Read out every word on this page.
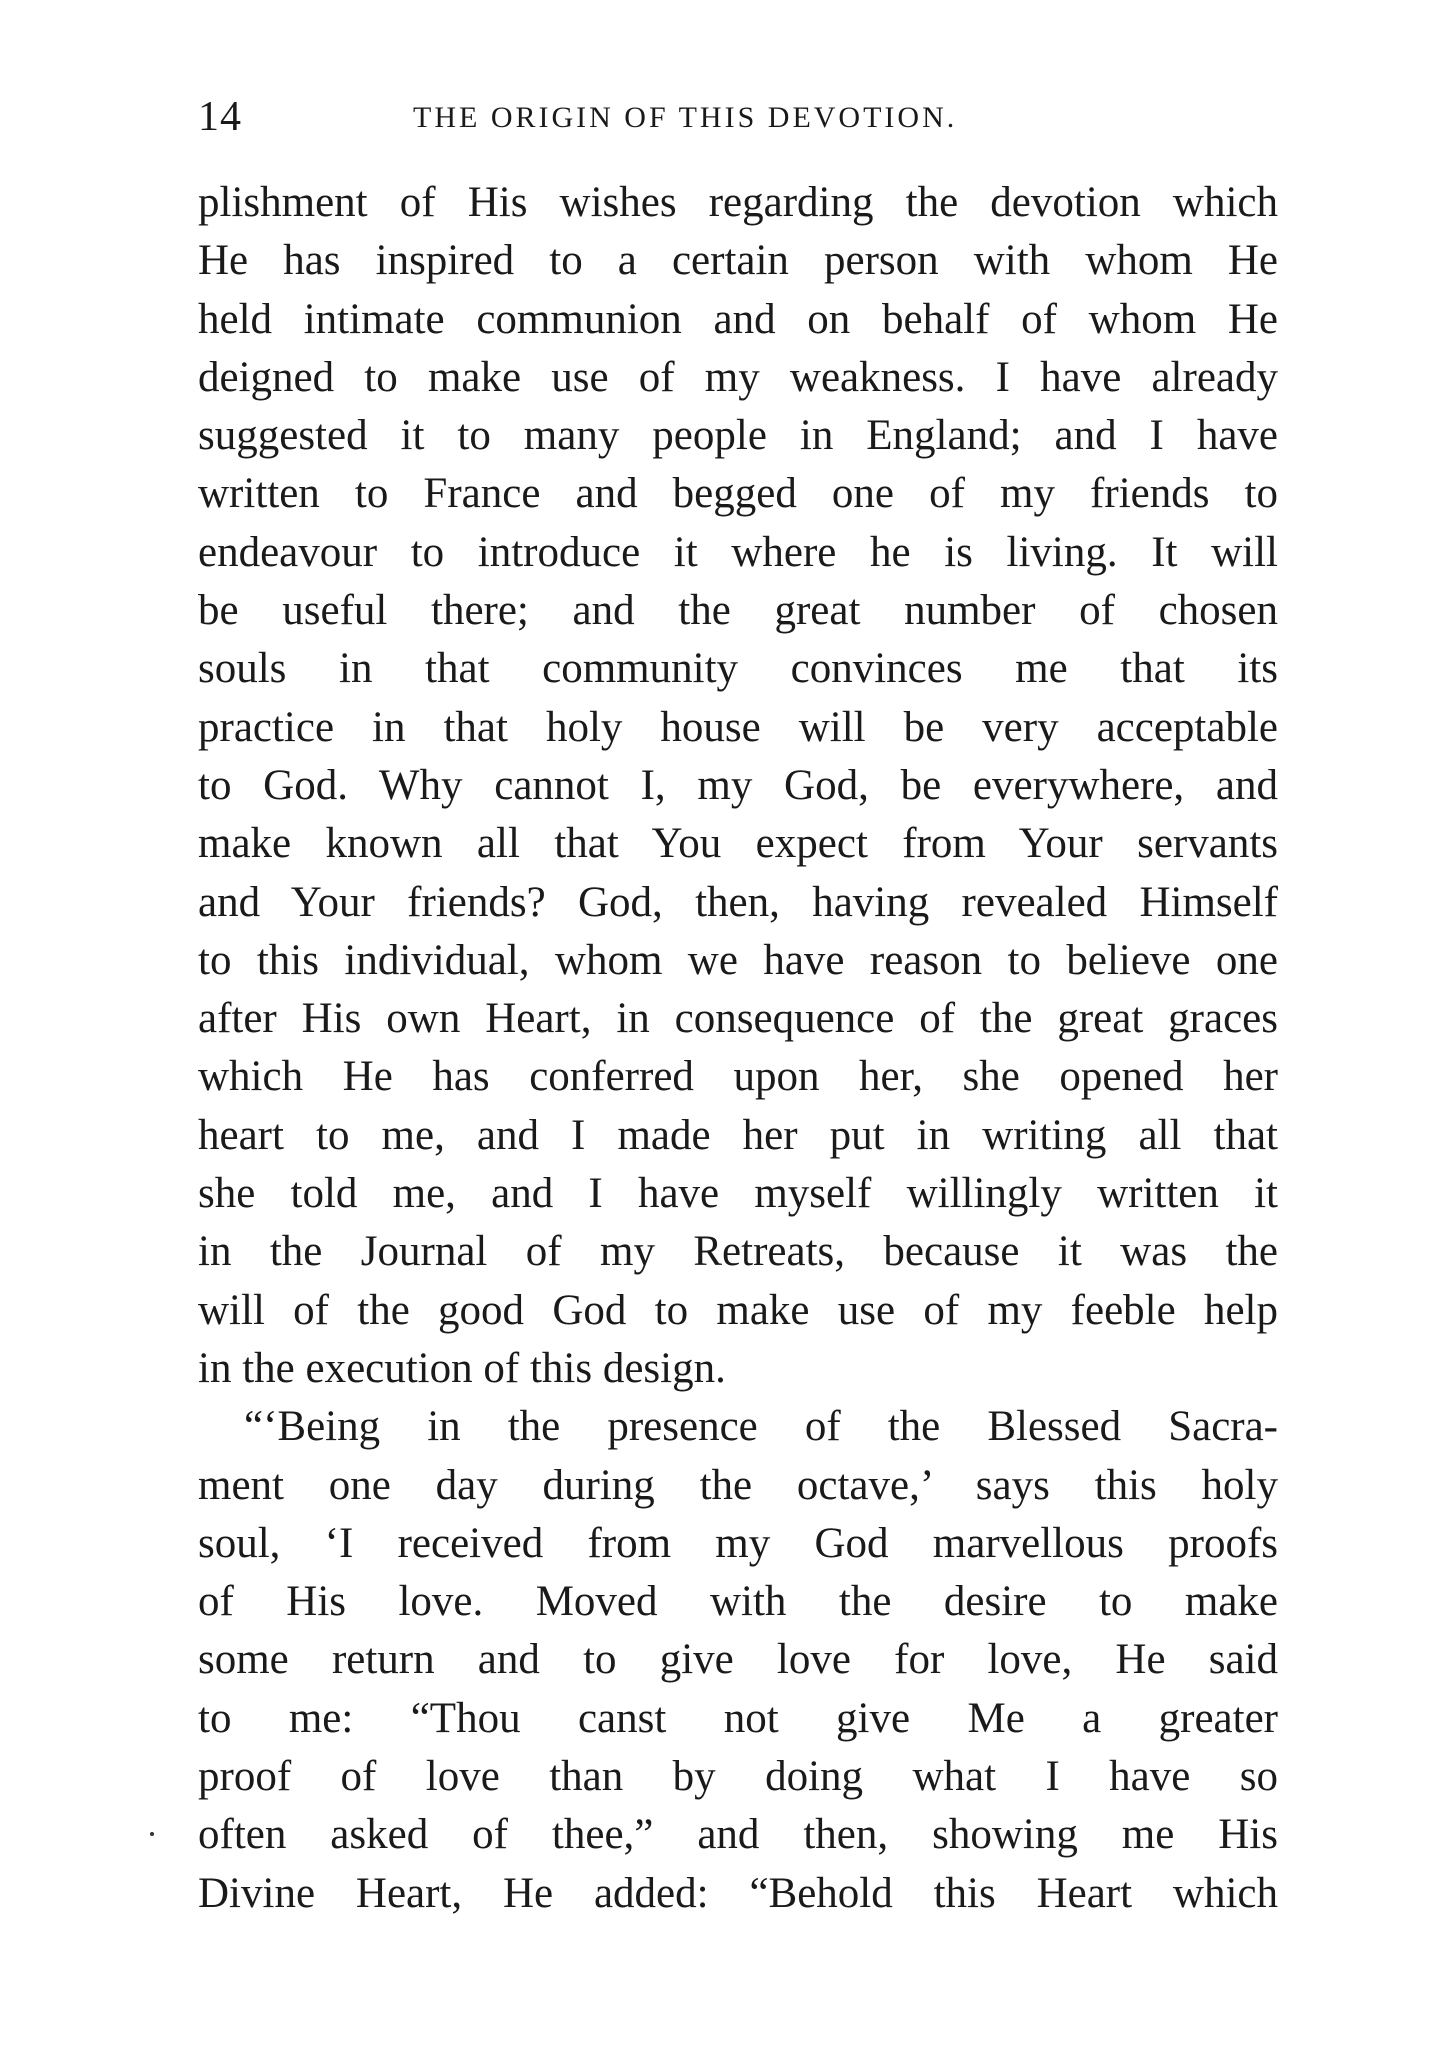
14	THE ORIGIN OF THIS DEVOTION.
plishment of His wishes regarding the devotion which
He has inspired to a certain person with whom He
held intimate communion and on behalf of whom He
deigned to make use of my weakness. I have already
suggested it to many people in England; and I have
written to France and begged one of my friends to
endeavour to introduce it where he is living. It will
be useful there; and the great number of chosen
souls in that community convinces me that its
practice in that holy house will be very acceptable
to God. Why cannot I, my God, be everywhere, and
make known all that You expect from Your servants
and Your friends? God, then, having revealed Himself
to this individual, whom we have reason to believe one
after His own Heart, in consequence of the great graces
which He has conferred upon her, she opened her
heart to me, and I made her put in writing all that
she told me, and I have myself willingly written it
in the Journal of my Retreats, because it was the
will of the good God to make use of my feeble help
in the execution of this design.
“‘Being in the presence of the Blessed Sacra-
ment one day during the octave,’ says this holy
soul, ‘I received from my God marvellous proofs
of His love. Moved with the desire to make
some return and to give love for love, He said
to me: “Thou canst not give Me a greater
proof of love than by doing what I have so
often asked of thee,” and then, showing me His
Divine Heart, He added: “Behold this Heart which
